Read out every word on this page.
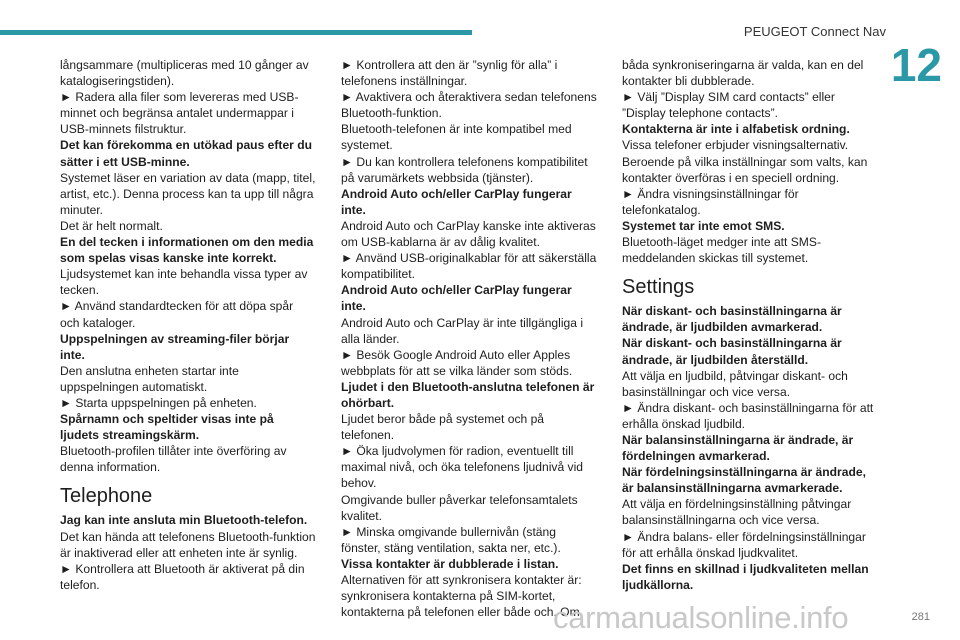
PEUGEOT Connect Nav
12

långsammare (multipliceras med 10 gånger av katalogiseringstiden).

► Radera alla filer som levereras med USB-minnet och begränsa antalet undermappar i USB-minnets filstruktur.

Det kan förekomma en utökad paus efter du sätter i ett USB-minne.

Systemet läser en variation av data (mapp, titel, artist, etc.). Denna process kan ta upp till några minuter.

Det är helt normalt.

En del tecken i informationen om den media som spelas visas kanske inte korrekt.

Ljudsystemet kan inte behandla vissa typer av tecken.

► Använd standardtecken för att döpa spår och kataloger.

Uppspelningen av streaming-filer börjar inte.

Den anslutna enheten startar inte uppspelningen automatiskt.

► Starta uppspelningen på enheten.

Spårnamn och speltider visas inte på ljudets streamingskärm.

Bluetooth-profilen tillåter inte överföring av denna information.

Telephone

Jag kan inte ansluta min Bluetooth-telefon.

Det kan hända att telefonens Bluetooth-funktion är inaktiverad eller att enheten inte är synlig.

► Kontrollera att Bluetooth är aktiverat på din telefon.

► Kontrollera att den är ”synlig för alla” i telefonens inställningar.

► Avaktivera och återaktivera sedan telefonens Bluetooth-funktion.

Bluetooth-telefonen är inte kompatibel med systemet.

► Du kan kontrollera telefonens kompatibilitet på varumärkets webbsida (tjänster).

Android Auto och/eller CarPlay fungerar inte.

Android Auto och CarPlay kanske inte aktiveras om USB-kablarna är av dålig kvalitet.

► Använd USB-originalkablar för att säkerställa kompatibilitet.

Android Auto och/eller CarPlay fungerar inte.

Android Auto och CarPlay är inte tillgängliga i alla länder.

► Besök Google Android Auto eller Apples webbplats för att se vilka länder som stöds.

Ljudet i den Bluetooth-anslutna telefonen är ohörbart.

Ljudet beror både på systemet och på telefonen.

► Öka ljudvolymen för radion, eventuellt till maximal nivå, och öka telefonens ljudnivå vid behov.

Omgivande buller påverkar telefonsamtalets kvalitet.

► Minska omgivande bullernivån (stäng fönster, stäng ventilation, sakta ner, etc.).

Vissa kontakter är dubblerade i listan.

Alternativen för att synkronisera kontakter är: synkronisera kontakterna på SIM-kortet, kontakterna på telefonen eller både och. Om

båda synkroniseringarna är valda, kan en del kontakter bli dubblerade.

► Välj ”Display SIM card contacts” eller ”Display telephone contacts”.

Kontakterna är inte i alfabetisk ordning.

Vissa telefoner erbjuder visningsalternativ. Beroende på vilka inställningar som valts, kan kontakter överföras i en speciell ordning.

► Ändra visningsinställningar för telefonkatalog.

Systemet tar inte emot SMS.

Bluetooth-läget medger inte att SMS-meddelanden skickas till systemet.

Settings

När diskant- och basinställningarna är ändrade, är ljudbilden avmarkerad.

När diskant- och basinställningarna är ändrade, är ljudbilden återställd.

Att välja en ljudbild, påtvingar diskant- och basinställningar och vice versa.

► Ändra diskant- och basinställningarna för att erhålla önskad ljudbild.

När balansinställningarna är ändrade, är fördelningen avmarkerad.

När fördelningsinställningarna är ändrade, är balansinställningarna avmarkerade.

Att välja en fördelningsinställning påtvingar balansinställningarna och vice versa.

► Ändra balans- eller fördelningsinställningar för att erhålla önskad ljudkvalitet.

Det finns en skillnad i ljudkvaliteten mellan ljudkällorna.

281
carmanualsonline.info
